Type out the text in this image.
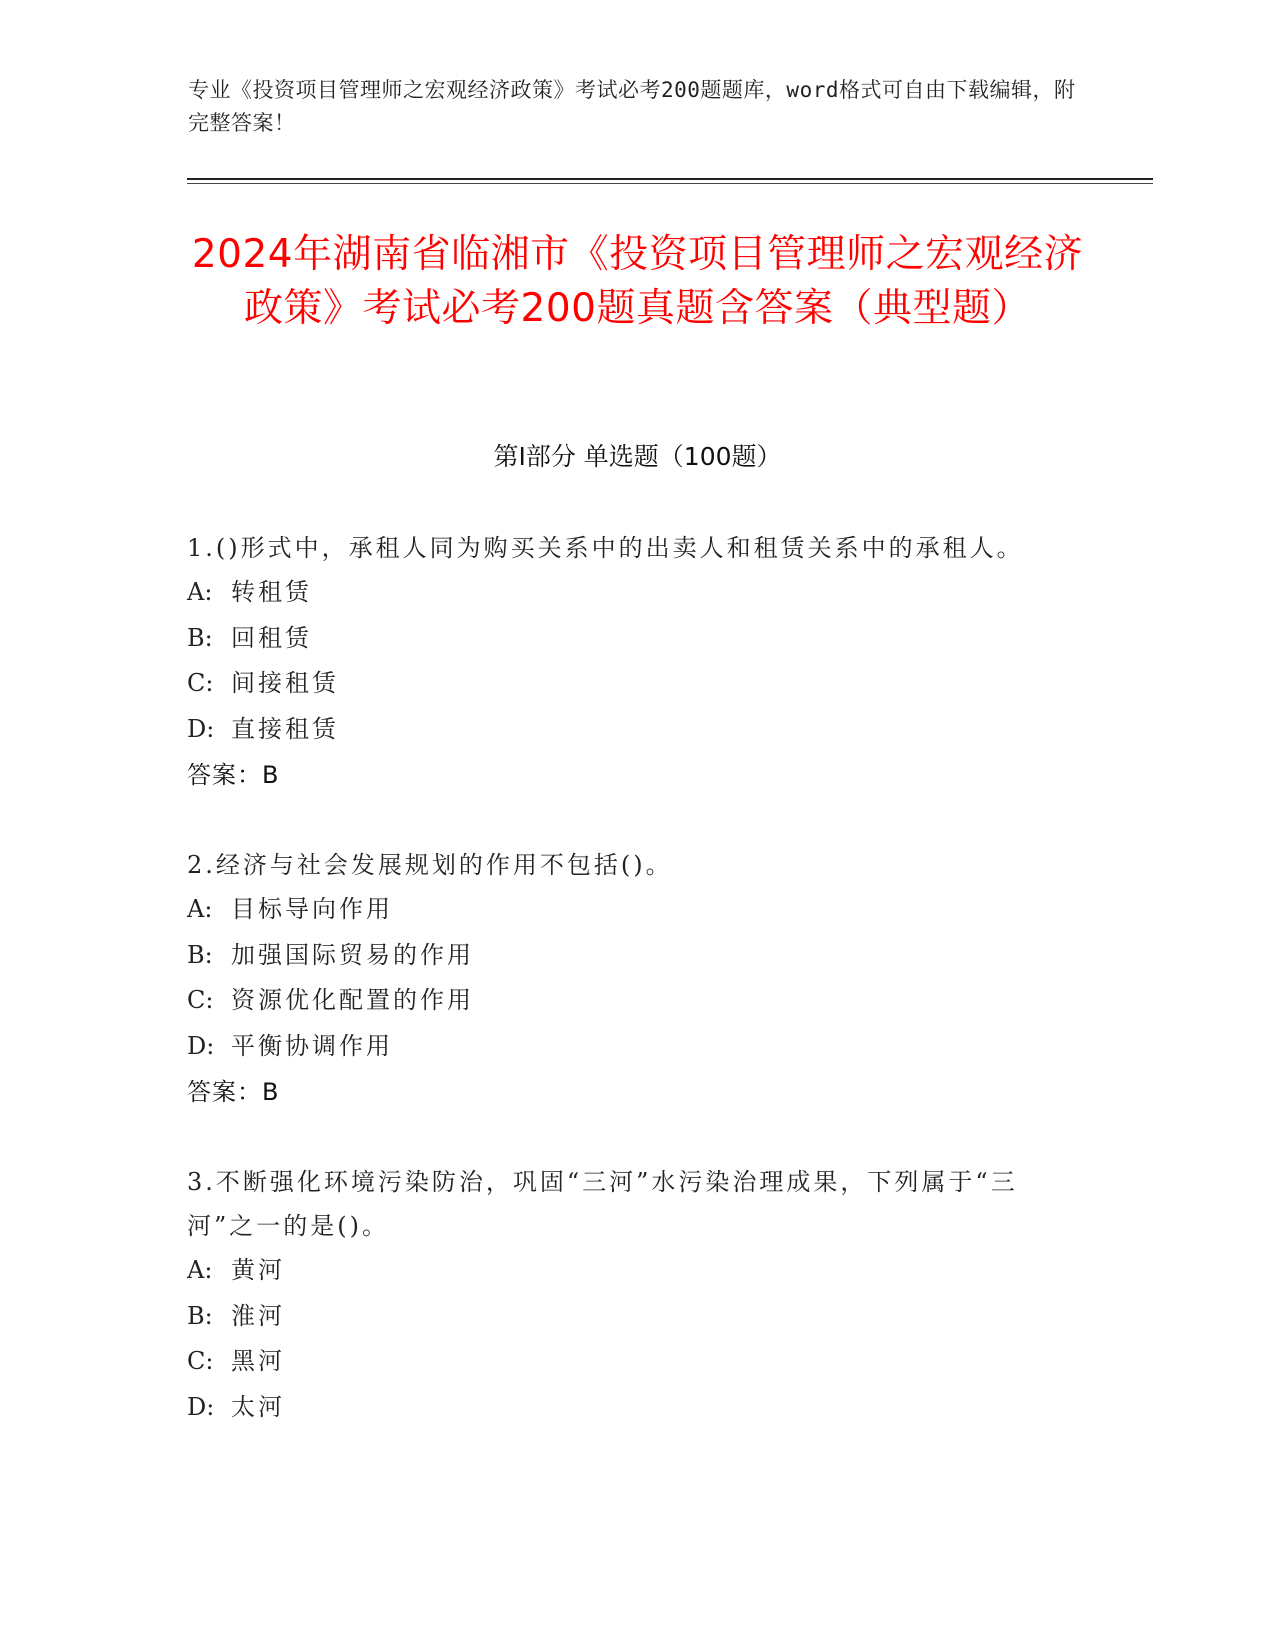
专业《投资项目管理师之宏观经济政策》考试必考200题题库，word格式可自由下载编辑，附完整答案！
2024年湖南省临湘市《投资项目管理师之宏观经济政策》考试必考200题真题含答案（典型题）
第I部分 单选题（100题）
1.()形式中，承租人同为购买关系中的出卖人和租赁关系中的承租人。
A: 转租赁
B: 回租赁
C: 间接租赁
D: 直接租赁
答案：B
2.经济与社会发展规划的作用不包括()。
A: 目标导向作用
B: 加强国际贸易的作用
C: 资源优化配置的作用
D: 平衡协调作用
答案：B
3.不断强化环境污染防治，巩固“三河”水污染治理成果，下列属于“三河”之一的是()。
A: 黄河
B: 淮河
C: 黑河
D: 太河
